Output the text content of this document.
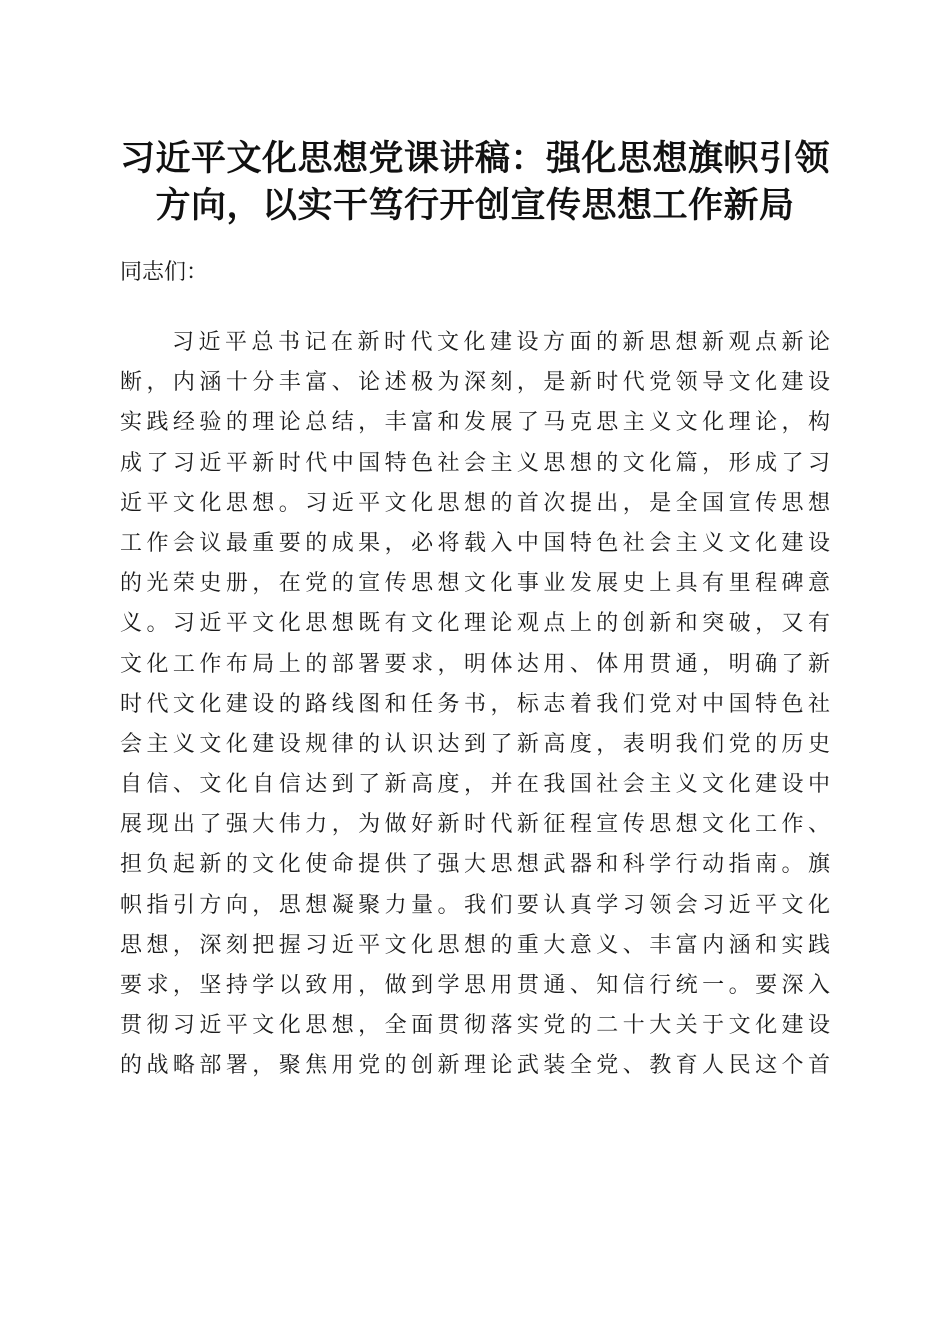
习近平文化思想党课讲稿：强化思想旗帜引领
方向，以实干笃行开创宣传思想工作新局

同志们：

习近平总书记在新时代文化建设方面的新思想新观点新论
断，内涵十分丰富、论述极为深刻，是新时代党领导文化建设
实践经验的理论总结，丰富和发展了马克思主义文化理论，构
成了习近平新时代中国特色社会主义思想的文化篇，形成了习
近平文化思想。习近平文化思想的首次提出，是全国宣传思想
工作会议最重要的成果，必将载入中国特色社会主义文化建设
的光荣史册，在党的宣传思想文化事业发展史上具有里程碑意
义。习近平文化思想既有文化理论观点上的创新和突破，又有
文化工作布局上的部署要求，明体达用、体用贯通，明确了新
时代文化建设的路线图和任务书，标志着我们党对中国特色社
会主义文化建设规律的认识达到了新高度，表明我们党的历史
自信、文化自信达到了新高度，并在我国社会主义文化建设中
展现出了强大伟力，为做好新时代新征程宣传思想文化工作、
担负起新的文化使命提供了强大思想武器和科学行动指南。旗
帜指引方向，思想凝聚力量。我们要认真学习领会习近平文化
思想，深刻把握习近平文化思想的重大意义、丰富内涵和实践
要求，坚持学以致用，做到学思用贯通、知信行统一。要深入
贯彻习近平文化思想，全面贯彻落实党的二十大关于文化建设
的战略部署，聚焦用党的创新理论武装全党、教育人民这个首
